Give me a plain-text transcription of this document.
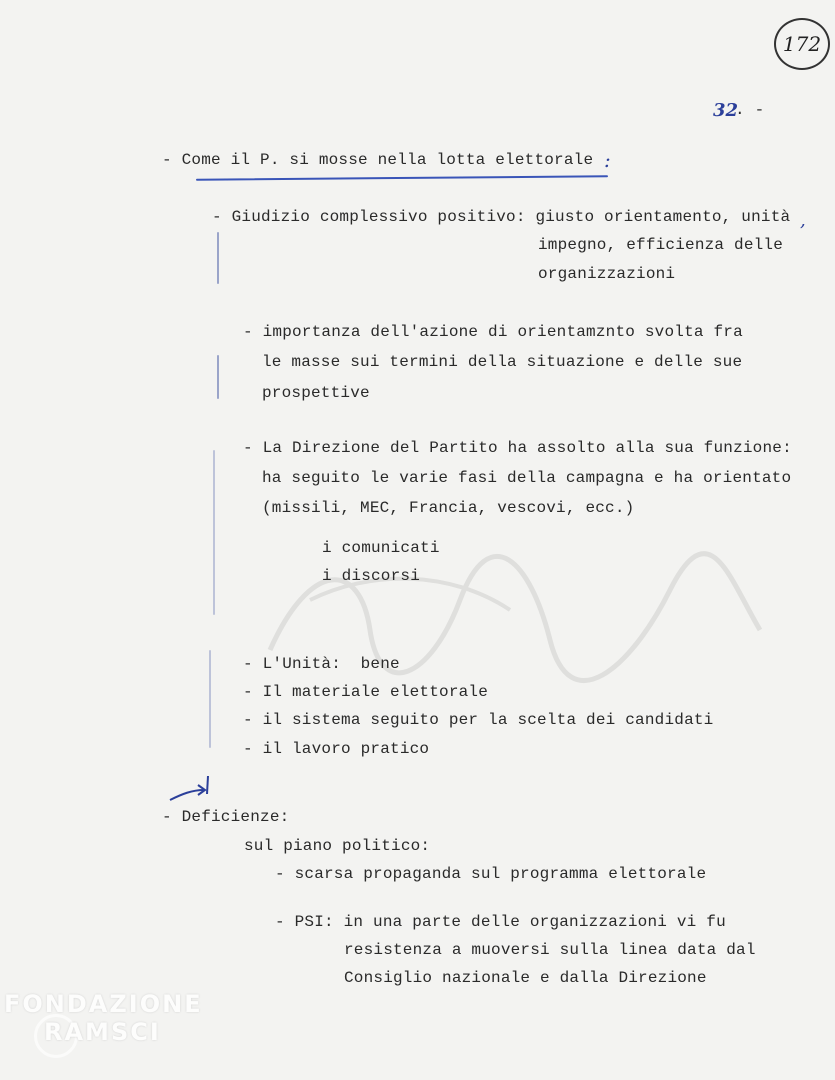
172
32
. -
- Come il P. si mosse nella lotta elettorale :
- Giudizio complessivo positivo: giusto orientamento, unità ,
impegno, efficienza delle
organizzazioni
- importanza dell'azione di orientamznto svolta fra
le masse sui termini della situazione e delle sue
prospettive
- La Direzione del Partito ha assolto alla sua funzione:
ha seguito le varie fasi della campagna e ha orientato
(missili, MEC, Francia, vescovi, ecc.)
i comunicati
i discorsi
- L'Unità:  bene
- Il materiale elettorale
- il sistema seguito per la scelta dei candidati
- il lavoro pratico
- Deficienze:
sul piano politico:
- scarsa propaganda sul programma elettorale
- PSI: in una parte delle organizzazioni vi fu
resistenza a muoversi sulla linea data dal
Consiglio nazionale e dalla Direzione
FONDAZIONE
RAMSCI
